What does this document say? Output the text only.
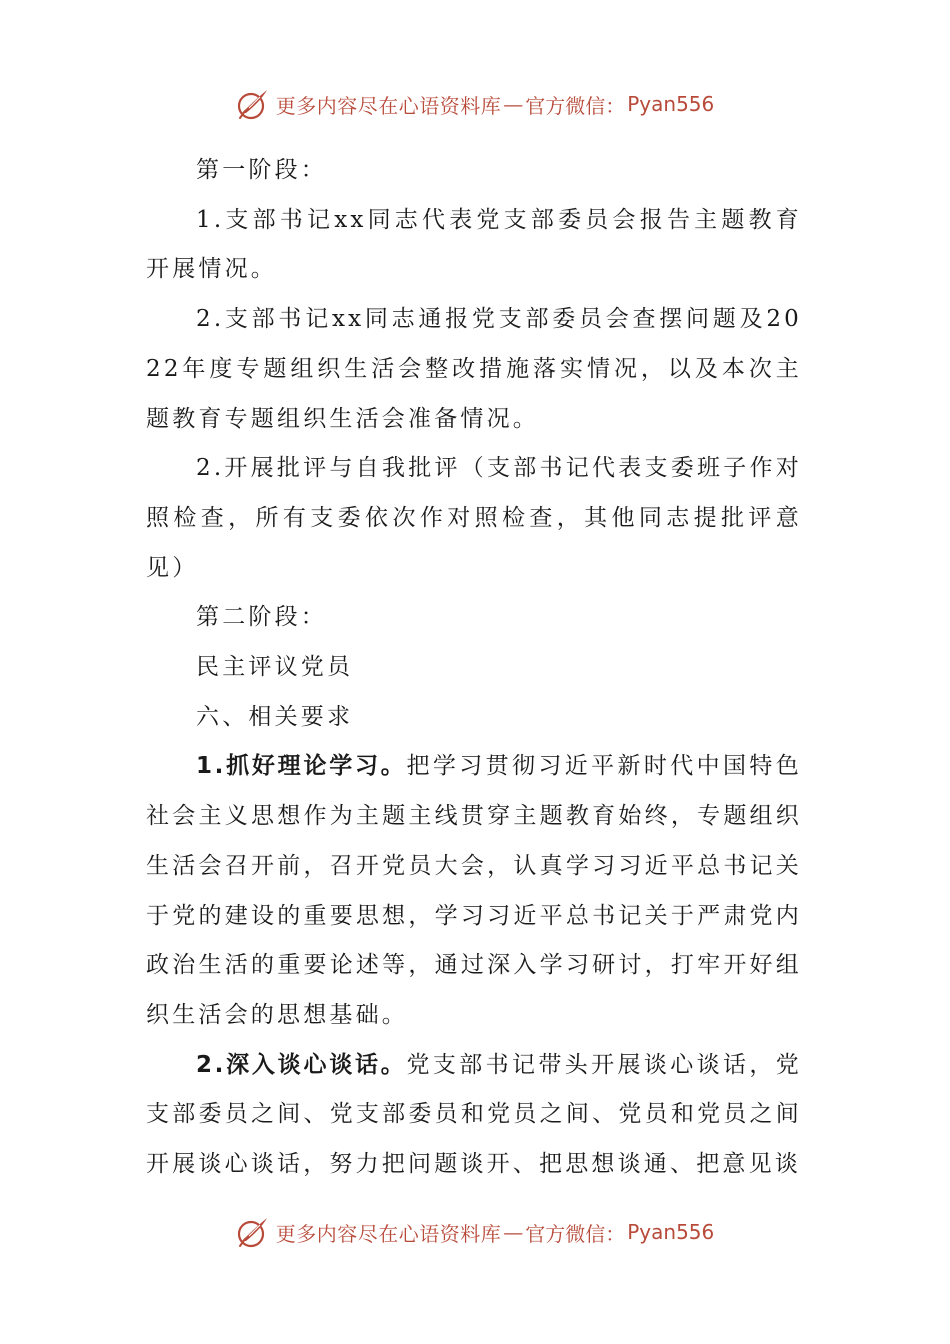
更多内容尽在心语资料库 — 官方微信： Pyan556

第一阶段：

1.支部书记xx同志代表党支部委员会报告主题教育开展情况。

2.支部书记xx同志通报党支部委员会查摆问题及2022年度专题组织生活会整改措施落实情况，以及本次主题教育专题组织生活会准备情况。

2.开展批评与自我批评（支部书记代表支委班子作对照检查，所有支委依次作对照检查，其他同志提批评意见）

第二阶段：

民主评议党员

六、相关要求

1.抓好理论学习。把学习贯彻习近平新时代中国特色社会主义思想作为主题主线贯穿主题教育始终，专题组织生活会召开前，召开党员大会，认真学习习近平总书记关于党的建设的重要思想，学习习近平总书记关于严肃党内政治生活的重要论述等，通过深入学习研讨，打牢开好组织生活会的思想基础。

2.深入谈心谈话。党支部书记带头开展谈心谈话，党支部委员之间、党支部委员和党员之间、党员和党员之间开展谈心谈话，努力把问题谈开、把思想谈通、把意见谈

更多内容尽在心语资料库 — 官方微信： Pyan556
